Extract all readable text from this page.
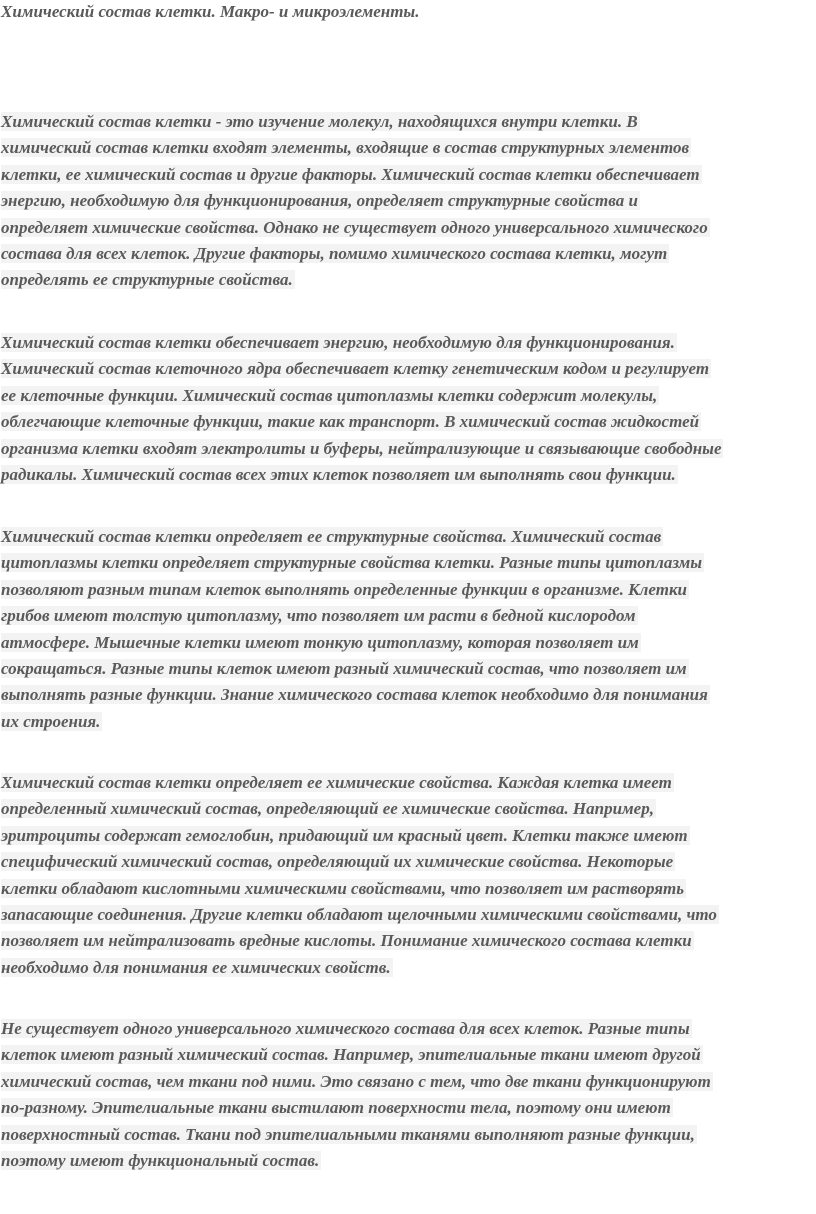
Химический состав клетки. Макро- и микроэлементы.

Химический состав клетки - это изучение молекул, находящихся внутри клетки. В
химический состав клетки входят элементы, входящие в состав структурных элементов
клетки, ее химический состав и другие факторы. Химический состав клетки обеспечивает
энергию, необходимую для функционирования, определяет структурные свойства и
определяет химические свойства. Однако не существует одного универсального химического
состава для всех клеток. Другие факторы, помимо химического состава клетки, могут
определять ее структурные свойства.

Химический состав клетки обеспечивает энергию, необходимую для функционирования.
Химический состав клеточного ядра обеспечивает клетку генетическим кодом и регулирует
ее клеточные функции. Химический состав цитоплазмы клетки содержит молекулы,
облегчающие клеточные функции, такие как транспорт. В химический состав жидкостей
организма клетки входят электролиты и буферы, нейтрализующие и связывающие свободные
радикалы. Химический состав всех этих клеток позволяет им выполнять свои функции.

Химический состав клетки определяет ее структурные свойства. Химический состав
цитоплазмы клетки определяет структурные свойства клетки. Разные типы цитоплазмы
позволяют разным типам клеток выполнять определенные функции в организме. Клетки
грибов имеют толстую цитоплазму, что позволяет им расти в бедной кислородом
атмосфере. Мышечные клетки имеют тонкую цитоплазму, которая позволяет им
сокращаться. Разные типы клеток имеют разный химический состав, что позволяет им
выполнять разные функции. Знание химического состава клеток необходимо для понимания
их строения.

Химический состав клетки определяет ее химические свойства. Каждая клетка имеет
определенный химический состав, определяющий ее химические свойства. Например,
эритроциты содержат гемоглобин, придающий им красный цвет. Клетки также имеют
специфический химический состав, определяющий их химические свойства. Некоторые
клетки обладают кислотными химическими свойствами, что позволяет им растворять
запасающие соединения. Другие клетки обладают щелочными химическими свойствами, что
позволяет им нейтрализовать вредные кислоты. Понимание химического состава клетки
необходимо для понимания ее химических свойств.

Не существует одного универсального химического состава для всех клеток. Разные типы
клеток имеют разный химический состав. Например, эпителиальные ткани имеют другой
химический состав, чем ткани под ними. Это связано с тем, что две ткани функционируют
по-разному. Эпителиальные ткани выстилают поверхности тела, поэтому они имеют
поверхностный состав. Ткани под эпителиальными тканями выполняют разные функции,
поэтому имеют функциональный состав.
